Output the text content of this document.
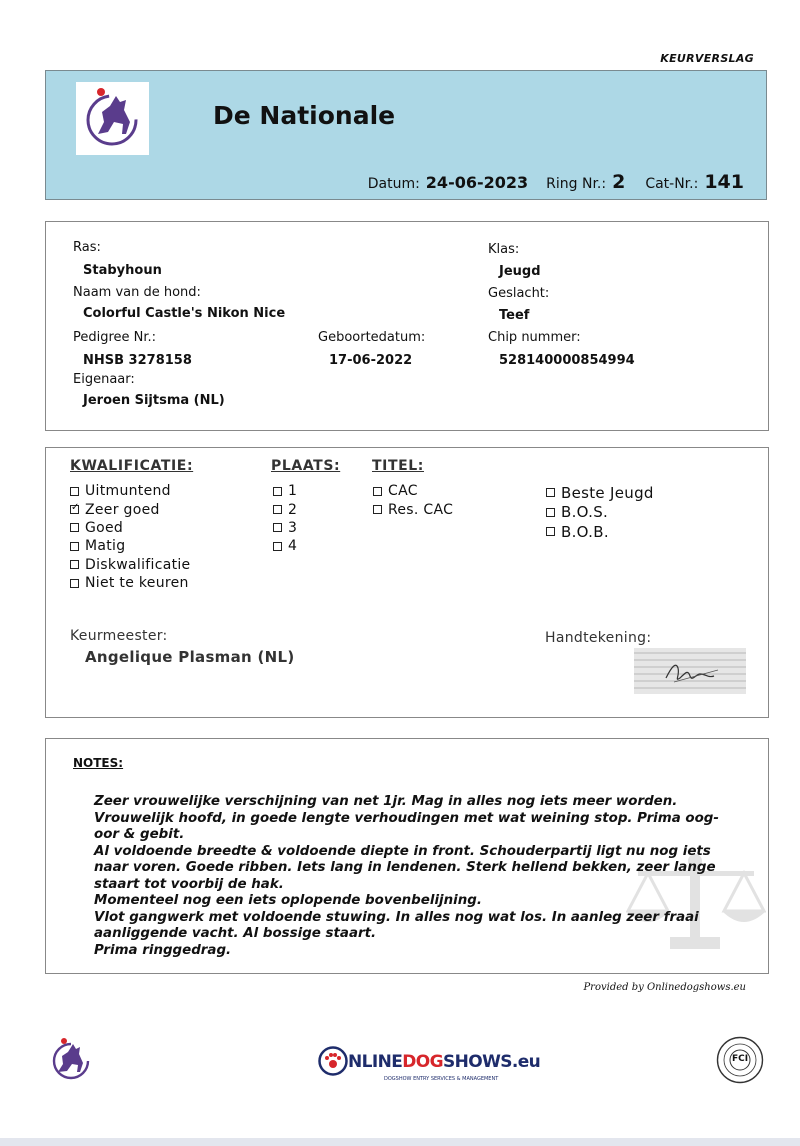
KEURVERSLAG
De Nationale
Datum: 24-06-2023 Ring Nr.: 2 Cat-Nr.: 141
Ras:
Stabyhoun
Naam van de hond:
Colorful Castle's Nikon Nice
Pedigree Nr.:
NHSB 3278158
Eigenaar:
Jeroen Sijtsma (NL)
Geboortedatum:
17-06-2022
Klas:
Jeugd
Geslacht:
Teef
Chip nummer:
528140000854994
KWALIFICATIE:
Uitmuntend
✓
Zeer goed
Goed
Matig
Diskwalificatie
Niet te keuren
PLAATS:
1
2
3
4
TITEL:
CAC
Res. CAC
Beste Jeugd
B.O.S.
B.O.B.
Keurmeester:
Angelique Plasman (NL)
Handtekening:
NOTES:
Zeer vrouwelijke verschijning van net 1jr. Mag in alles nog iets meer worden.
Vrouwelijk hoofd, in goede lengte verhoudingen met wat weining stop. Prima oog-
oor & gebit.
Al voldoende breedte & voldoende diepte in front. Schouderpartij ligt nu nog iets
naar voren. Goede ribben. Iets lang in lendenen. Sterk hellend bekken, zeer lange
staart tot voorbij de hak.
Momenteel nog een iets oplopende bovenbelijning.
Vlot gangwerk met voldoende stuwing. In alles nog wat los. In aanleg zeer fraai
aanliggende vacht. Al bossige staart.
Prima ringgedrag.
Provided by Onlinedogshows.eu
NLINEDOGSHOWS.eu
DOGSHOW ENTRY SERVICES & MANAGEMENT
FCI
